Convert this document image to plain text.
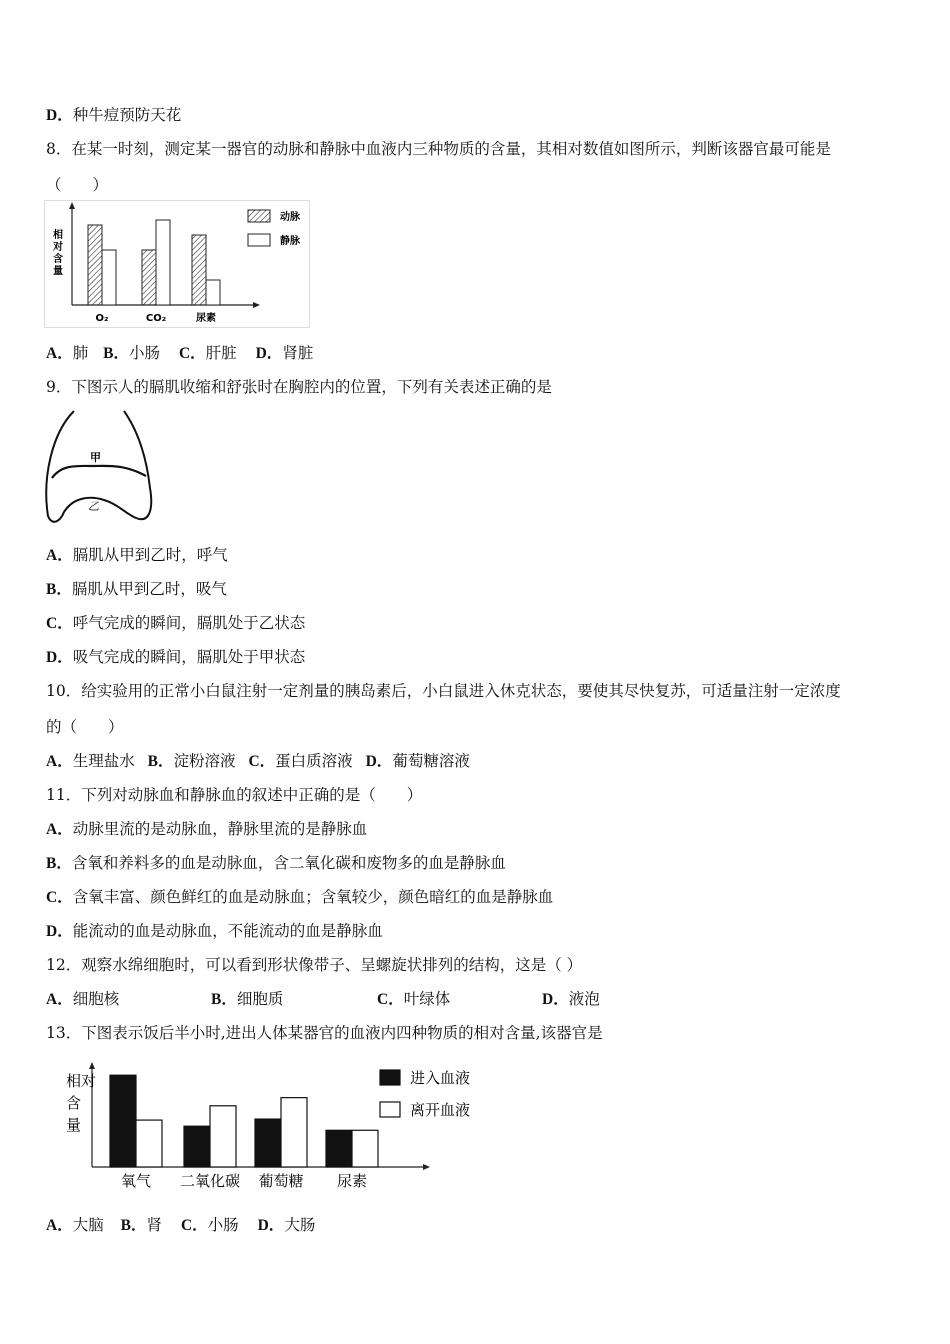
D．种牛痘预防天花
8．在某一时刻，测定某一器官的动脉和静脉中血液内三种物质的含量，其相对数值如图所示，判断该器官最可能是
（　　）
相对含量
O₂	CO₂	尿素
动脉
静脉
A．肺 B．小肠 C．肝脏 D．肾脏
9．下图示人的膈肌收缩和舒张时在胸腔内的位置，下列有关表述正确的是
甲
乙
A．膈肌从甲到乙时，呼气
B．膈肌从甲到乙时，吸气
C．呼气完成的瞬间，膈肌处于乙状态
D．吸气完成的瞬间，膈肌处于甲状态
10．给实验用的正常小白鼠注射一定剂量的胰岛素后，小白鼠进入休克状态，要使其尽快复苏，可适量注射一定浓度
的（　　）
A．生理盐水 B．淀粉溶液 C．蛋白质溶液 D．葡萄糖溶液
11．下列对动脉血和静脉血的叙述中正确的是（　　）
A．动脉里流的是动脉血，静脉里流的是静脉血
B．含氧和养料多的血是动脉血，含二氧化碳和废物多的血是静脉血
C．含氧丰富、颜色鲜红的血是动脉血；含氧较少，颜色暗红的血是静脉血
D．能流动的血是动脉血，不能流动的血是静脉血
12．观察水绵细胞时，可以看到形状像带子、呈螺旋状排列的结构，这是（ ）
A．细胞核	B．细胞质	C．叶绿体	D．液泡
13．下图表示饭后半小时,进出人体某器官的血液内四种物质的相对含量,该器官是
相对含量
氧气 二氧化碳 葡萄糖 尿素
进入血液
离开血液
A．大脑 B．肾 C．小肠 D．大肠
